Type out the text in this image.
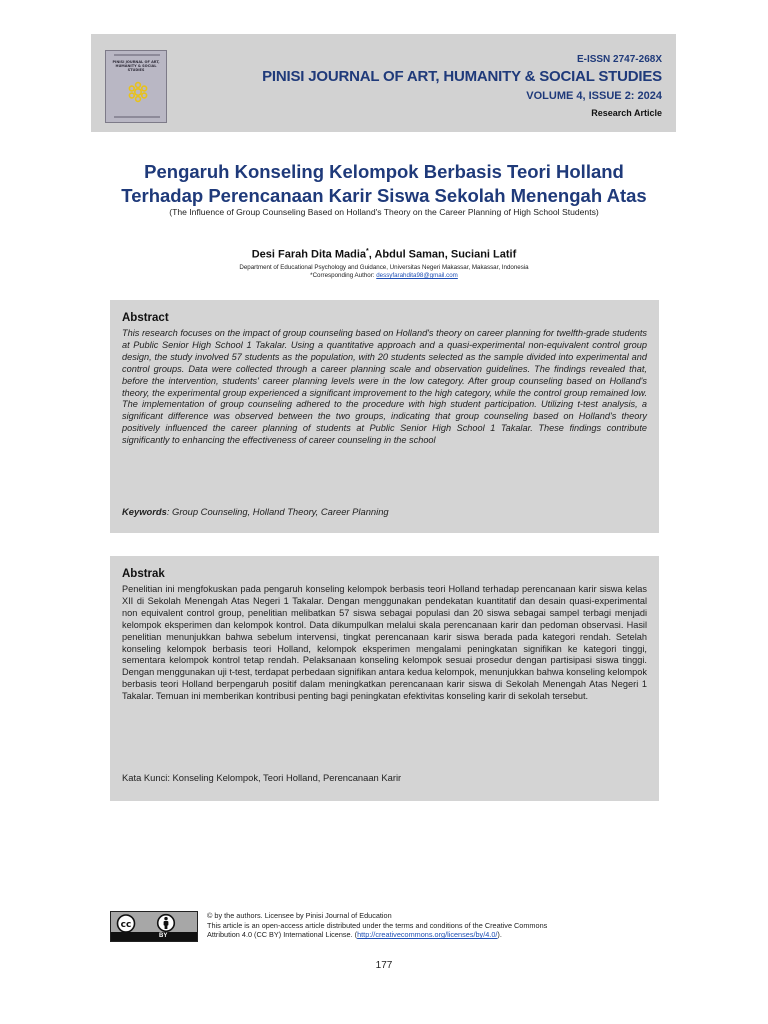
PINISI JOURNAL OF ART, HUMANITY & SOCIAL STUDIES
E-ISSN 2747-268X
PINISI JOURNAL OF ART, HUMANITY & SOCIAL STUDIES
VOLUME 4, ISSUE 2: 2024
Research Article
Pengaruh Konseling Kelompok Berbasis Teori Holland
Terhadap Perencanaan Karir Siswa Sekolah Menengah Atas
(The Influence of Group Counseling Based on Holland's Theory on the Career Planning of High School Students)
Desi Farah Dita Madia*, Abdul Saman, Suciani Latif
Department of Educational Psychology and Guidance, Universitas Negeri Makassar, Makassar, Indonesia
*Corresponding Author: dessyfarahdita98@gmail.com
Abstract

This research focuses on the impact of group counseling based on Holland's theory on career planning for twelfth-grade students at Public Senior High School 1 Takalar. Using a quantitative approach and a quasi-experimental non-equivalent control group design, the study involved 57 students as the population, with 20 students selected as the sample divided into experimental and control groups. Data were collected through a career planning scale and observation guidelines. The findings revealed that, before the intervention, students' career planning levels were in the low category. After group counseling based on Holland's theory, the experimental group experienced a significant improvement to the high category, while the control group remained low. The implementation of group counseling adhered to the procedure with high student participation. Utilizing t-test analysis, a significant difference was observed between the two groups, indicating that group counseling based on Holland's theory positively influenced the career planning of students at Public Senior High School 1 Takalar. These findings contribute significantly to enhancing the effectiveness of career counseling in the school

Keywords: Group Counseling, Holland Theory, Career Planning
Abstrak

Penelitian ini mengfokuskan pada pengaruh konseling kelompok berbasis teori Holland terhadap perencanaan karir siswa kelas XII di Sekolah Menengah Atas Negeri 1 Takalar. Dengan menggunakan pendekatan kuantitatif dan desain quasi-experimental non equivalent control group, penelitian melibatkan 57 siswa sebagai populasi dan 20 siswa sebagai sampel terbagi menjadi kelompok eksperimen dan kelompok kontrol. Data dikumpulkan melalui skala perencanaan karir dan pedoman observasi. Hasil penelitian menunjukkan bahwa sebelum intervensi, tingkat perencanaan karir siswa berada pada kategori rendah. Setelah konseling kelompok berbasis teori Holland, kelompok eksperimen mengalami peningkatan signifikan ke kategori tinggi, sementara kelompok kontrol tetap rendah. Pelaksanaan konseling kelompok sesuai prosedur dengan partisipasi siswa tinggi. Dengan menggunakan uji t-test, terdapat perbedaan signifikan antara kedua kelompok, menunjukkan bahwa konseling kelompok berbasis teori Holland berpengaruh positif dalam meningkatkan perencanaan karir siswa di Sekolah Menengah Atas Negeri 1 Takalar. Temuan ini memberikan kontribusi penting bagi peningkatan efektivitas konseling karir di sekolah tersebut.

Kata Kunci: Konseling Kelompok, Teori Holland, Perencanaan Karir
cc
BY
© by the authors. Licensee by Pinisi Journal of Education
This article is an open-access article distributed under the terms and conditions of the Creative Commons
Attribution 4.0 (CC BY) International License. (http://creativecommons.org/licenses/by/4.0/).
177
